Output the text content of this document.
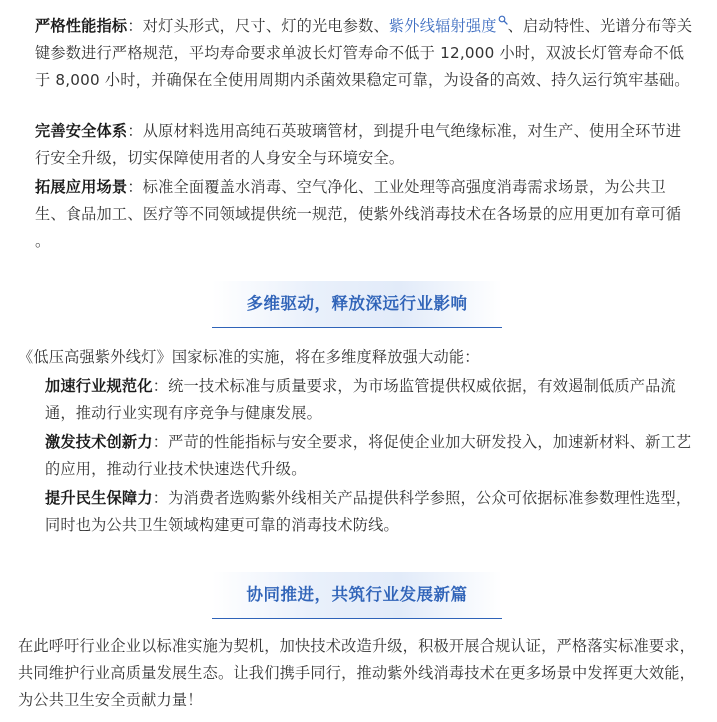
严格性能指标：对灯头形式，尺寸、灯的光电参数、紫外线辐射强度 、启动特性、光谱分布等关键参数进行严格规范，平均寿命要求单波长灯管寿命不低于 12,000 小时，双波长灯管寿命不低于 8,000 小时，并确保在全使用周期内杀菌效果稳定可靠，为设备的高效、持久运行筑牢基础。

完善安全体系：从原材料选用高纯石英玻璃管材，到提升电气绝缘标准，对生产、使用全环节进行安全升级，切实保障使用者的人身安全与环境安全。

拓展应用场景：标准全面覆盖水消毒、空气净化、工业处理等高强度消毒需求场景，为公共卫生、食品加工、医疗等不同领域提供统一规范，使紫外线消毒技术在各场景的应用更加有章可循 。

多维驱动，释放深远行业影响

《低压高强紫外线灯》国家标准的实施，将在多维度释放强大动能：

加速行业规范化：统一技术标准与质量要求，为市场监管提供权威依据，有效遏制低质产品流通，推动行业实现有序竞争与健康发展。

激发技术创新力：严苛的性能指标与安全要求，将促使企业加大研发投入，加速新材料、新工艺的应用，推动行业技术快速迭代升级。

提升民生保障力：为消费者选购紫外线相关产品提供科学参照，公众可依据标准参数理性选型，同时也为公共卫生领域构建更可靠的消毒技术防线。

协同推进，共筑行业发展新篇

在此呼吁行业企业以标准实施为契机，加快技术改造升级，积极开展合规认证，严格落实标准要求，共同维护行业高质量发展生态。让我们携手同行，推动紫外线消毒技术在更多场景中发挥更大效能，为公共卫生安全贡献力量！
